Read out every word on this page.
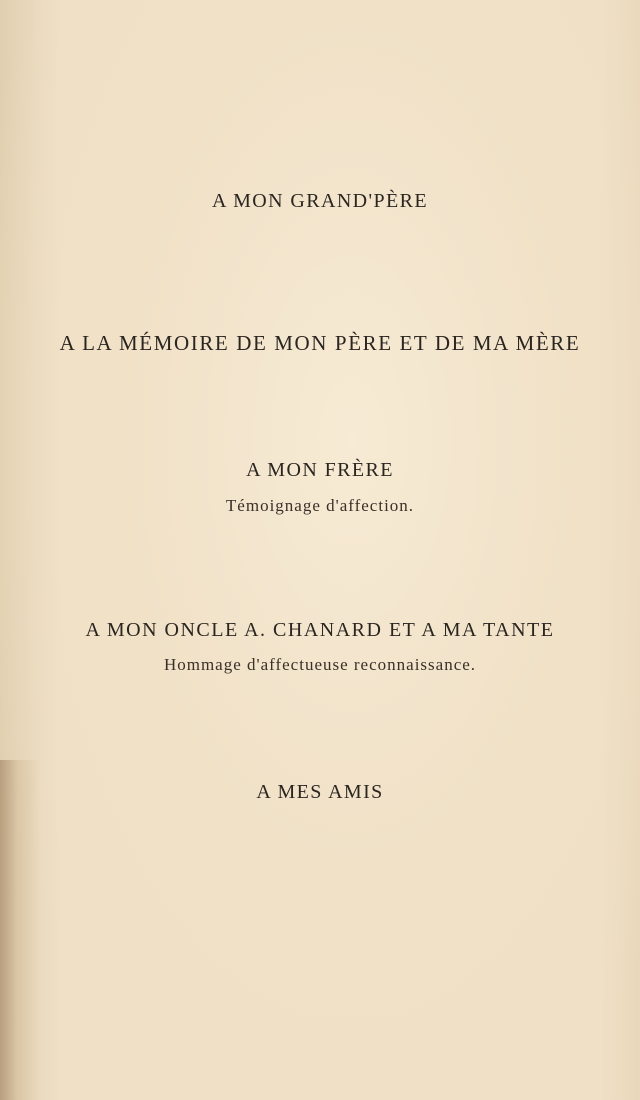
A MON GRAND'PÈRE
A LA MÉMOIRE DE MON PÈRE ET DE MA MÈRE
A MON FRÈRE
Témoignage d'affection.
A MON ONCLE A. CHANARD ET A MA TANTE
Hommage d'affectueuse reconnaissance.
A MES AMIS
